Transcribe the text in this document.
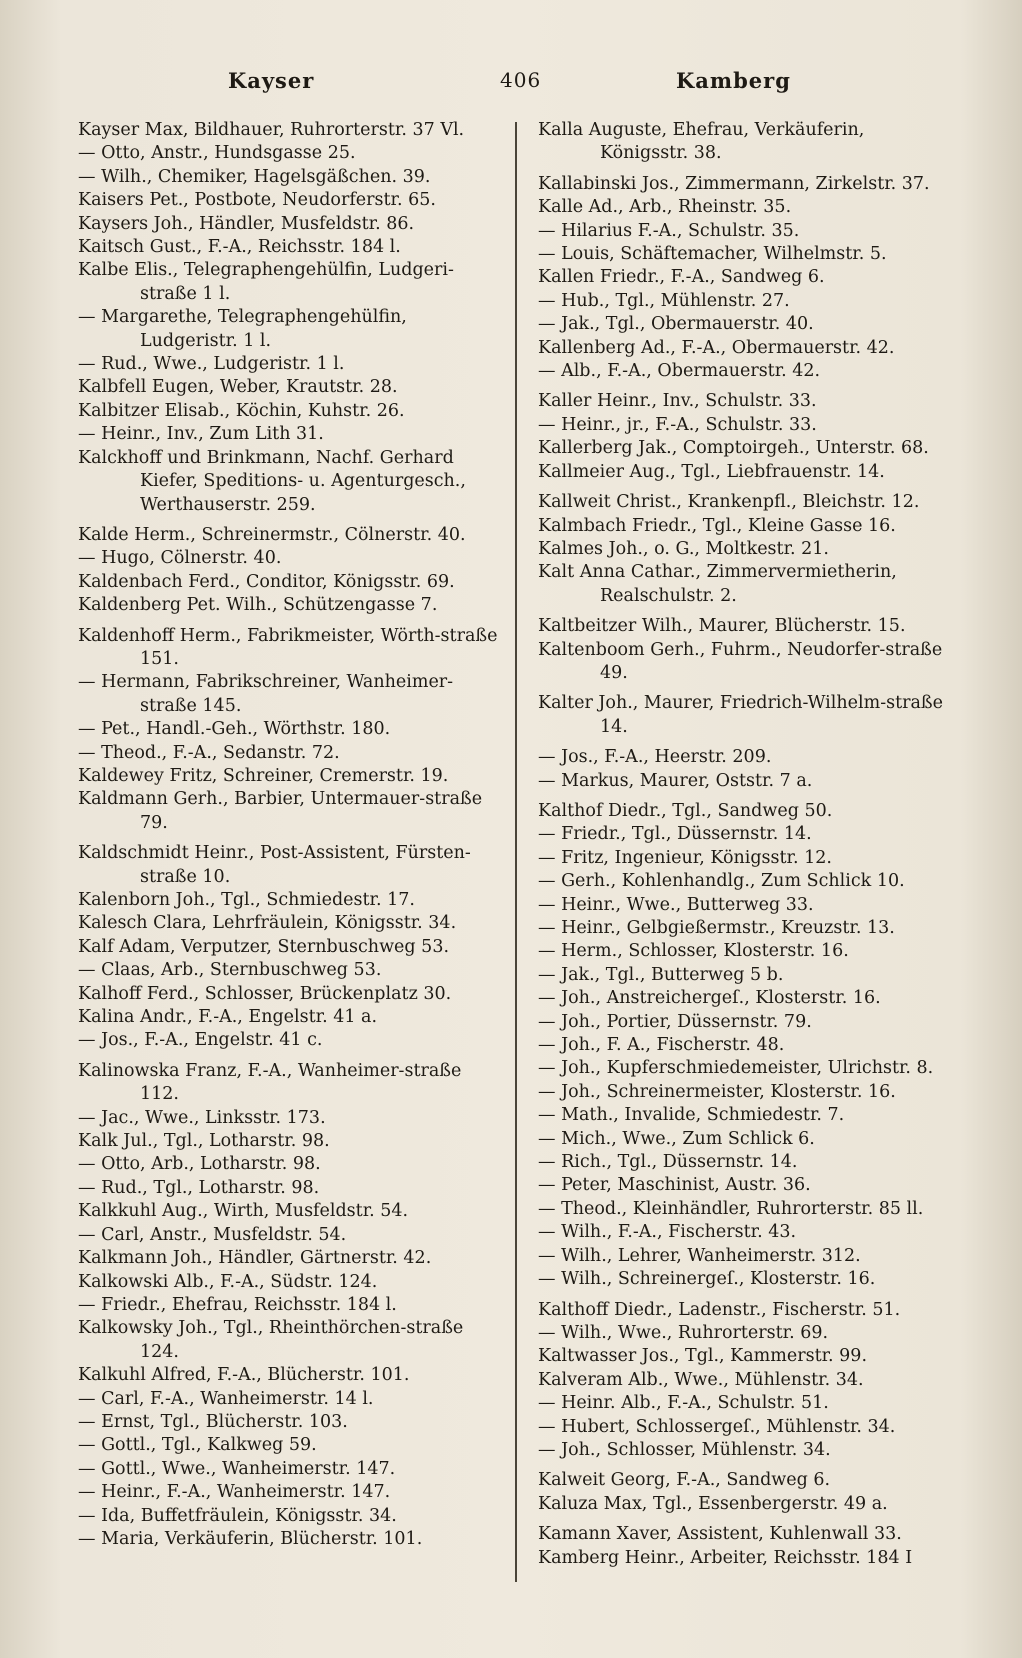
Kayser	406	Kamberg

Kayser Max, Bildhauer, Ruhrorterstr. 37 Vl.

— Otto, Anstr., Hundsgasse 25.

— Wilh., Chemiker, Hagelsgäßchen. 39.

Kaisers Pet., Postbote, Neudorferstr. 65.

Kaysers Joh., Händler, Musfeldstr. 86.

Kaitsch Gust., F.-A., Reichsstr. 184 l.

Kalbe Elis., Telegraphengehülfin, Ludgeri-straße 1 l.

— Margarethe, Telegraphengehülfin, Ludgeristr. 1 l.

— Rud., Wwe., Ludgeristr. 1 l.

Kalbfell Eugen, Weber, Krautstr. 28.

Kalbitzer Elisab., Köchin, Kuhstr. 26.

— Heinr., Inv., Zum Lith 31.

Kalckhoff und Brinkmann, Nachf. Gerhard Kiefer, Speditions- u. Agenturgesch., Werthauserstr. 259.

Kalde Herm., Schreinermstr., Cölnerstr. 40.

— Hugo, Cölnerstr. 40.

Kaldenbach Ferd., Conditor, Königsstr. 69.

Kaldenberg Pet. Wilh., Schützengasse 7.

Kaldenhoff Herm., Fabrikmeister, Wörth-straße 151.

— Hermann, Fabrikschreiner, Wanheimer-straße 145.

— Pet., Handl.-Geh., Wörthstr. 180.

— Theod., F.-A., Sedanstr. 72.

Kaldewey Fritz, Schreiner, Cremerstr. 19.

Kaldmann Gerh., Barbier, Untermauer-straße 79.

Kaldschmidt Heinr., Post-Assistent, Fürsten-straße 10.

Kalenborn Joh., Tgl., Schmiedestr. 17.

Kalesch Clara, Lehrfräulein, Königsstr. 34.

Kalf Adam, Verputzer, Sternbuschweg 53.

— Claas, Arb., Sternbuschweg 53.

Kalhoff Ferd., Schlosser, Brückenplatz 30.

Kalina Andr., F.-A., Engelstr. 41 a.

— Jos., F.-A., Engelstr. 41 c.

Kalinowska Franz, F.-A., Wanheimer-straße 112.

— Jac., Wwe., Linksstr. 173.

Kalk Jul., Tgl., Lotharstr. 98.

— Otto, Arb., Lotharstr. 98.

— Rud., Tgl., Lotharstr. 98.

Kalkkuhl Aug., Wirth, Musfeldstr. 54.

— Carl, Anstr., Musfeldstr. 54.

Kalkmann Joh., Händler, Gärtnerstr. 42.

Kalkowski Alb., F.-A., Südstr. 124.

— Friedr., Ehefrau, Reichsstr. 184 l.

Kalkowsky Joh., Tgl., Rheinthörchen-straße 124.

Kalkuhl Alfred, F.-A., Blücherstr. 101.

— Carl, F.-A., Wanheimerstr. 14 l.

— Ernst, Tgl., Blücherstr. 103.

— Gottl., Tgl., Kalkweg 59.

— Gottl., Wwe., Wanheimerstr. 147.

— Heinr., F.-A., Wanheimerstr. 147.

— Ida, Buffetfräulein, Königsstr. 34.

— Maria, Verkäuferin, Blücherstr. 101.

Kalla Auguste, Ehefrau, Verkäuferin, Königsstr. 38.

Kallabinski Jos., Zimmermann, Zirkelstr. 37.

Kalle Ad., Arb., Rheinstr. 35.

— Hilarius F.-A., Schulstr. 35.

— Louis, Schäftemacher, Wilhelmstr. 5.

Kallen Friedr., F.-A., Sandweg 6.

— Hub., Tgl., Mühlenstr. 27.

— Jak., Tgl., Obermauerstr. 40.

Kallenberg Ad., F.-A., Obermauerstr. 42.

— Alb., F.-A., Obermauerstr. 42.

Kaller Heinr., Inv., Schulstr. 33.

— Heinr., jr., F.-A., Schulstr. 33.

Kallerberg Jak., Comptoirgeh., Unterstr. 68.

Kallmeier Aug., Tgl., Liebfrauenstr. 14.

Kallweit Christ., Krankenpfl., Bleichstr. 12.

Kalmbach Friedr., Tgl., Kleine Gasse 16.

Kalmes Joh., o. G., Moltkestr. 21.

Kalt Anna Cathar., Zimmervermietherin, Realschulstr. 2.

Kaltbeitzer Wilh., Maurer, Blücherstr. 15.

Kaltenboom Gerh., Fuhrm., Neudorfer-straße 49.

Kalter Joh., Maurer, Friedrich-Wilhelm-straße 14.

— Jos., F.-A., Heerstr. 209.

— Markus, Maurer, Oststr. 7 a.

Kalthof Diedr., Tgl., Sandweg 50.

— Friedr., Tgl., Düssernstr. 14.

— Fritz, Ingenieur, Königsstr. 12.

— Gerh., Kohlenhandlg., Zum Schlick 10.

— Heinr., Wwe., Butterweg 33.

— Heinr., Gelbgießermstr., Kreuzstr. 13.

— Herm., Schlosser, Klosterstr. 16.

— Jak., Tgl., Butterweg 5 b.

— Joh., Anstreichergeſ., Klosterstr. 16.

— Joh., Portier, Düssernstr. 79.

— Joh., F. A., Fischerstr. 48.

— Joh., Kupferschmiedemeister, Ulrichstr. 8.

— Joh., Schreinermeister, Klosterstr. 16.

— Math., Invalide, Schmiedestr. 7.

— Mich., Wwe., Zum Schlick 6.

— Rich., Tgl., Düssernstr. 14.

— Peter, Maschinist, Austr. 36.

— Theod., Kleinhändler, Ruhrorterstr. 85 ll.

— Wilh., F.-A., Fischerstr. 43.

— Wilh., Lehrer, Wanheimerstr. 312.

— Wilh., Schreinergeſ., Klosterstr. 16.

Kalthoff Diedr., Ladenstr., Fischerstr. 51.

— Wilh., Wwe., Ruhrorterstr. 69.

Kaltwasser Jos., Tgl., Kammerstr. 99.

Kalveram Alb., Wwe., Mühlenstr. 34.

— Heinr. Alb., F.-A., Schulstr. 51.

— Hubert, Schlossergeſ., Mühlenstr. 34.

— Joh., Schlosser, Mühlenstr. 34.

Kalweit Georg, F.-A., Sandweg 6.

Kaluza Max, Tgl., Essenbergerstr. 49 a.

Kamann Xaver, Assistent, Kuhlenwall 33.

Kamberg Heinr., Arbeiter, Reichsstr. 184 I
